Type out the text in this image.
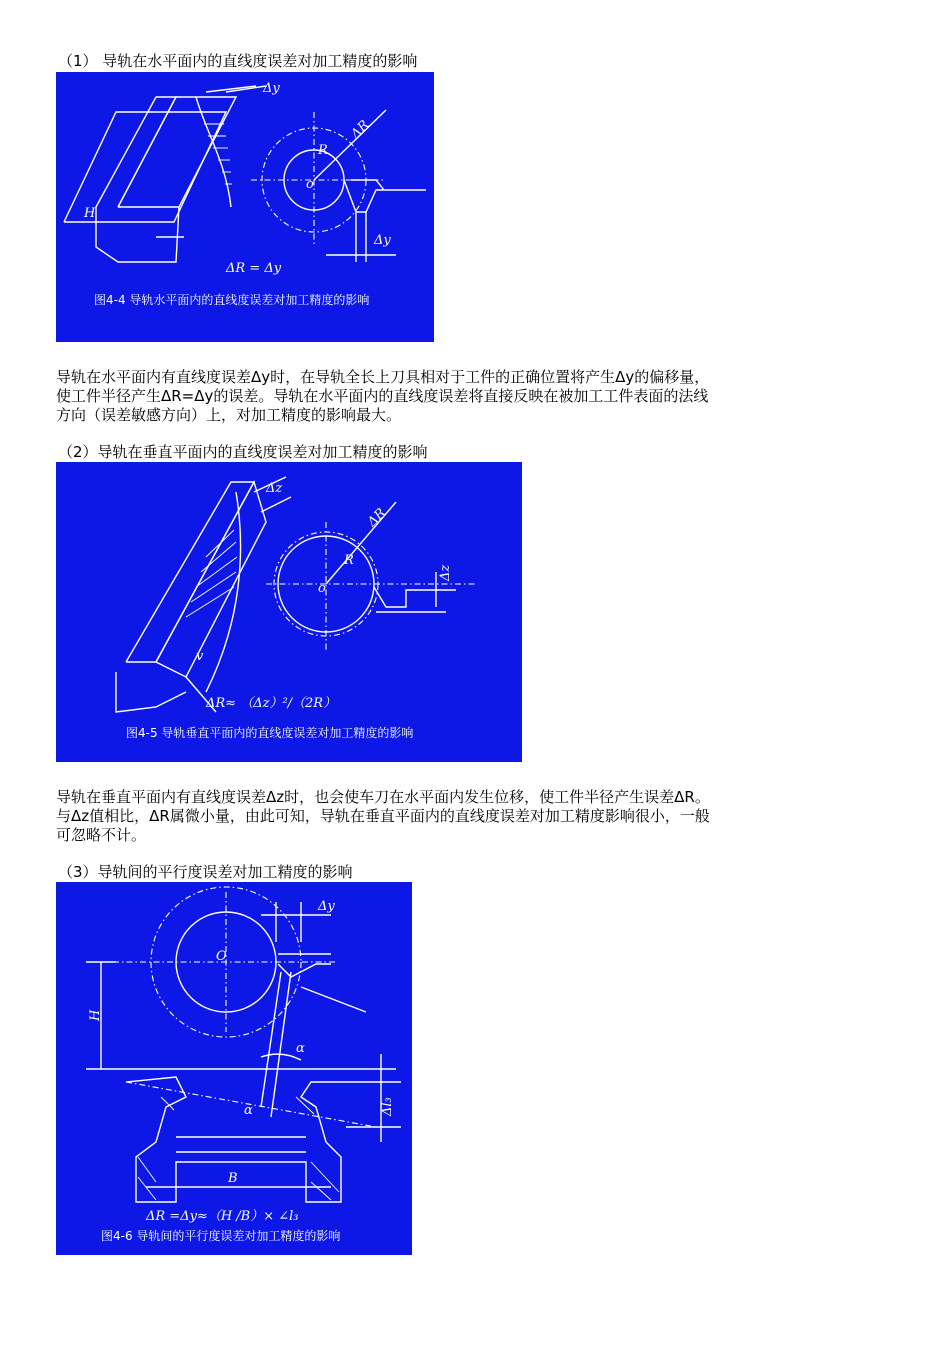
（1） 导轨在水平面内的直线度误差对加工精度的影响
Δy
H
R
o
ΔR
Δy
ΔR = Δy
图4-4 导轨水平面内的直线度误差对加工精度的影响
导轨在水平面内有直线度误差Δy时，在导轨全长上刀具相对于工件的正确位置将产生Δy的偏移量，
使工件半径产生ΔR=Δy的误差。导轨在水平面内的直线度误差将直接反映在被加工工件表面的法线
方向（误差敏感方向）上，对加工精度的影响最大。
（2）导轨在垂直平面内的直线度误差对加工精度的影响
Δz
v
R
o
ΔR
Δz
ΔR≈ （Δz）²/（2R）
图4-5 导轨垂直平面内的直线度误差对加工精度的影响
导轨在垂直平面内有直线度误差Δz时，也会使车刀在水平面内发生位移，使工件半径产生误差ΔR。
与Δz值相比，ΔR属微小量，由此可知，导轨在垂直平面内的直线度误差对加工精度影响很小，一般
可忽略不计。
（3）导轨间的平行度误差对加工精度的影响
O
Δy
H
α
α	Δl₃
B
ΔR =Δy≈（H /B）× ∠l₃
图4-6 导轨间的平行度误差对加工精度的影响
